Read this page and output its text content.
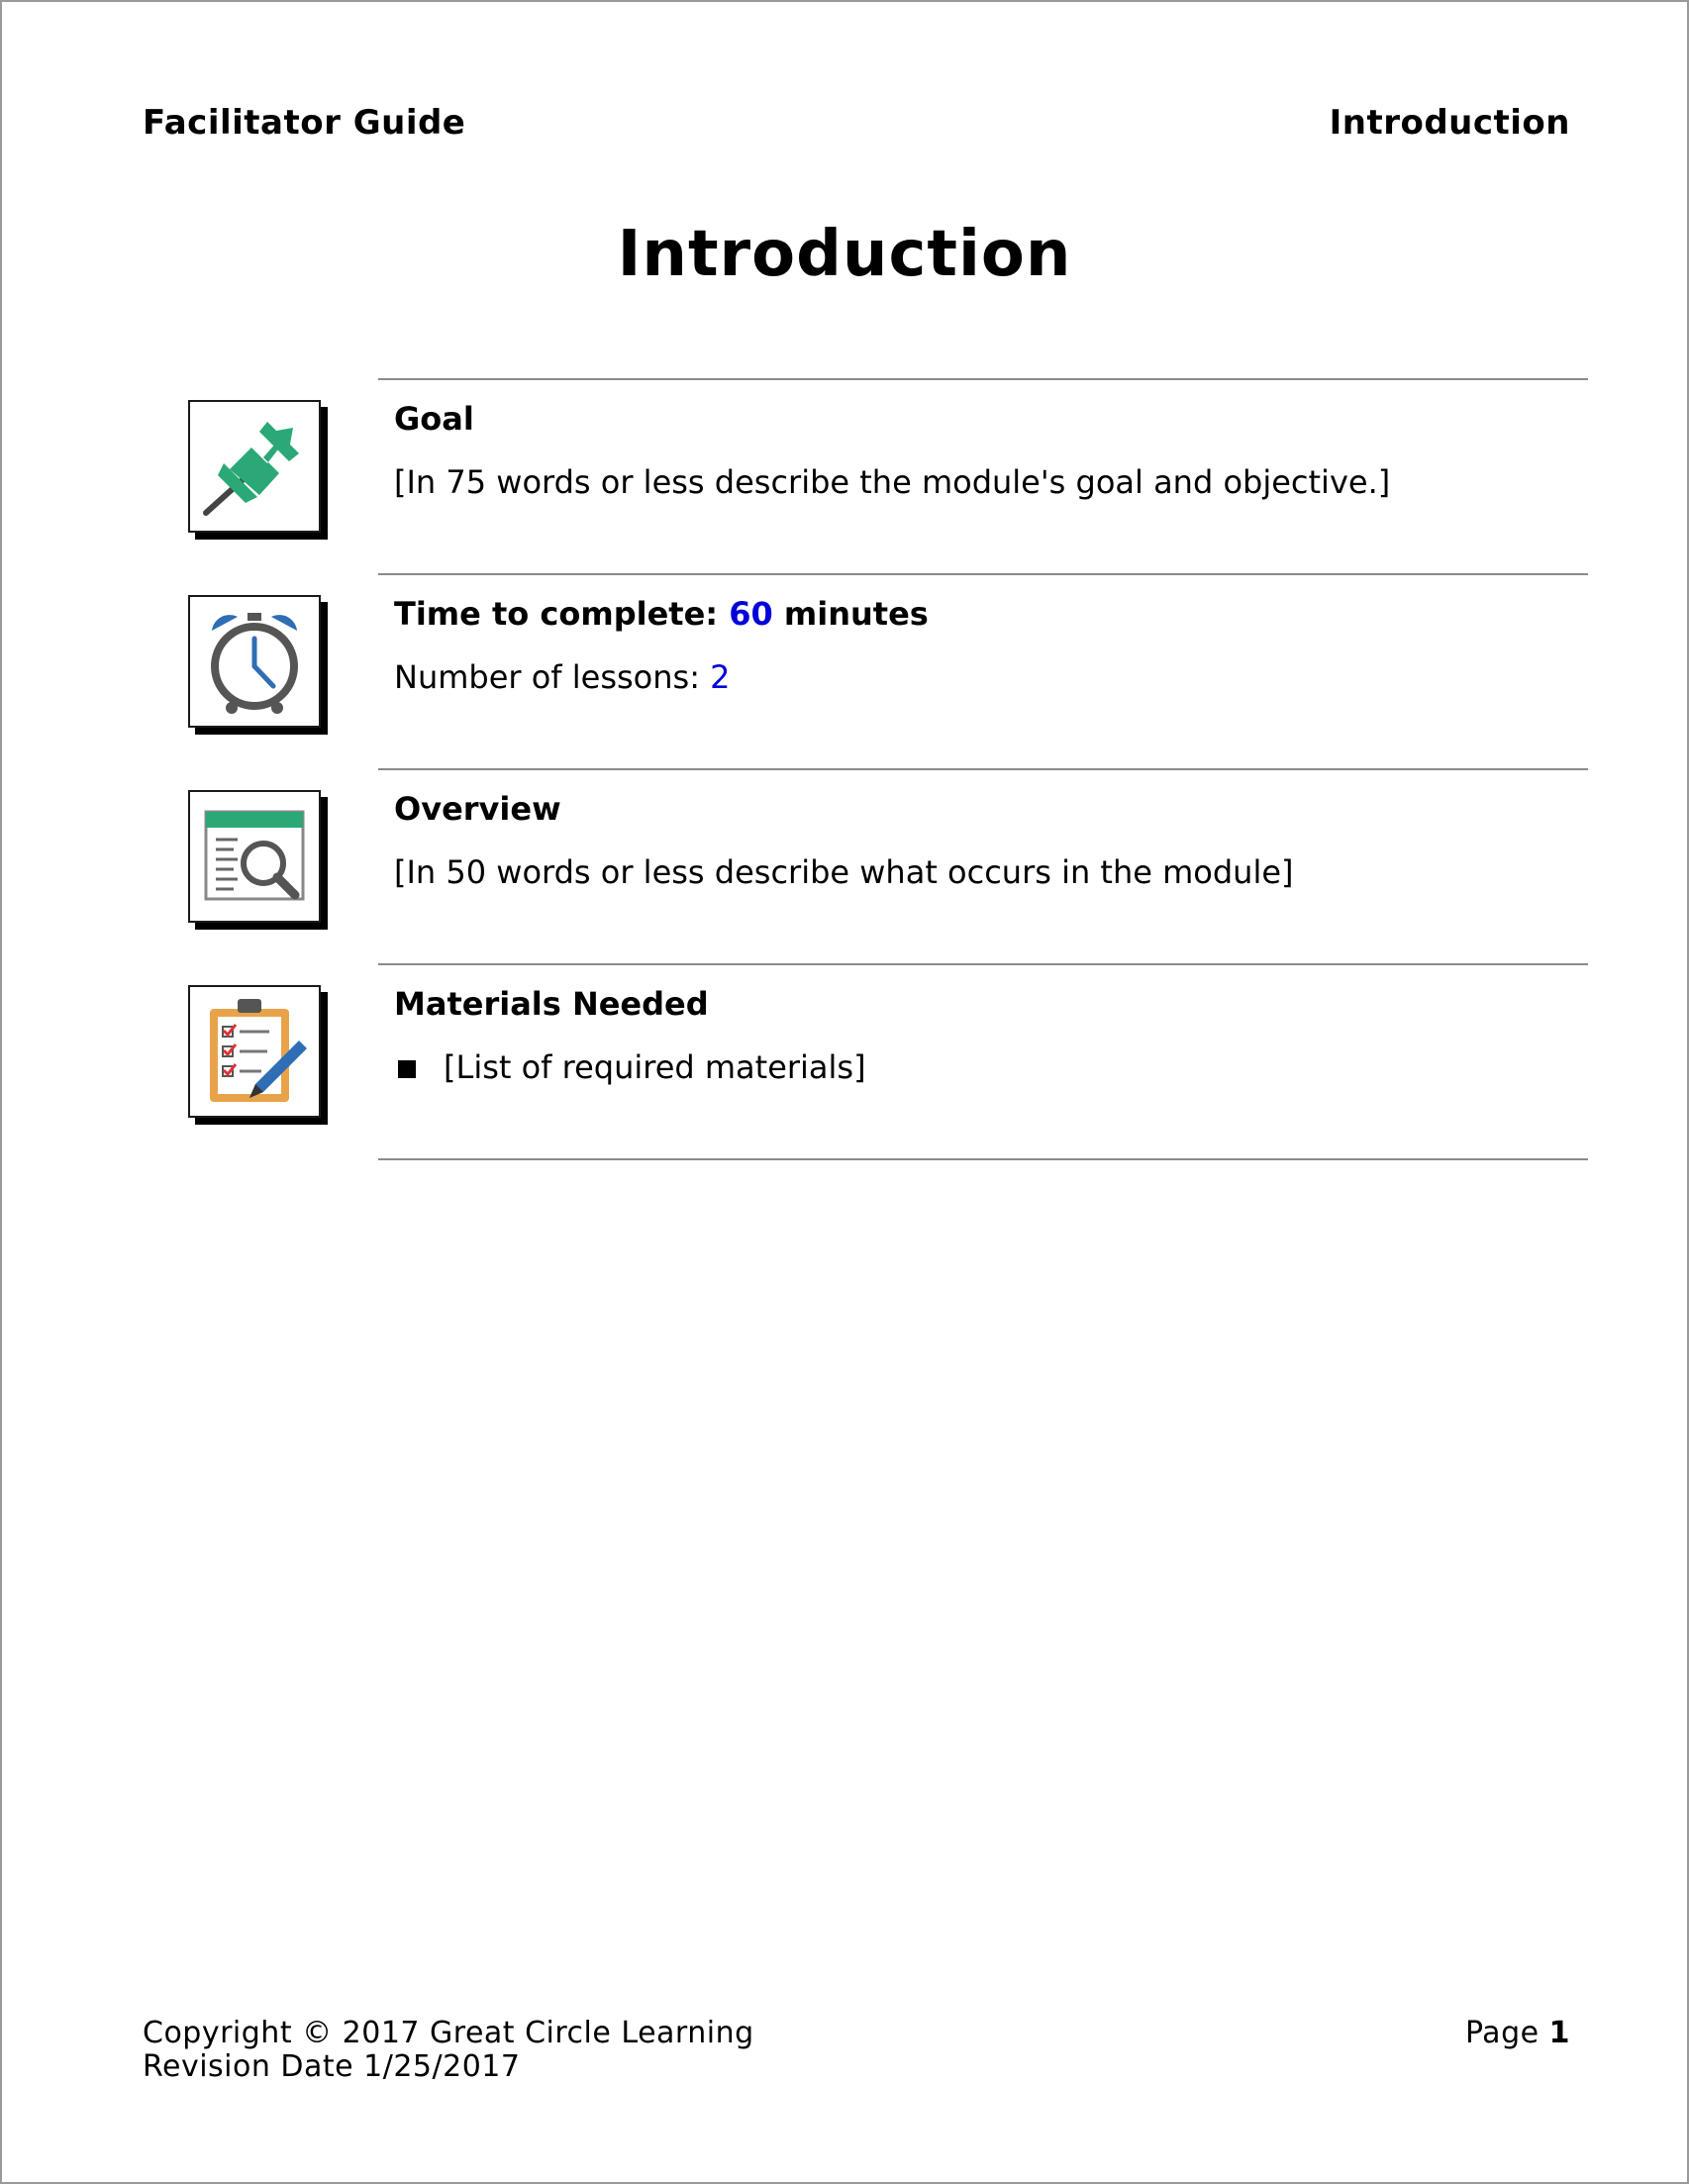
Facilitator Guide	Introduction
Introduction
Goal
[In 75 words or less describe the module's goal and objective.]
Time to complete: 60 minutes
Number of lessons: 2
Overview
[In 50 words or less describe what occurs in the module]
Materials Needed
[List of required materials]
Copyright © 2017 Great Circle Learning
Revision Date 1/25/2017
Page 1
